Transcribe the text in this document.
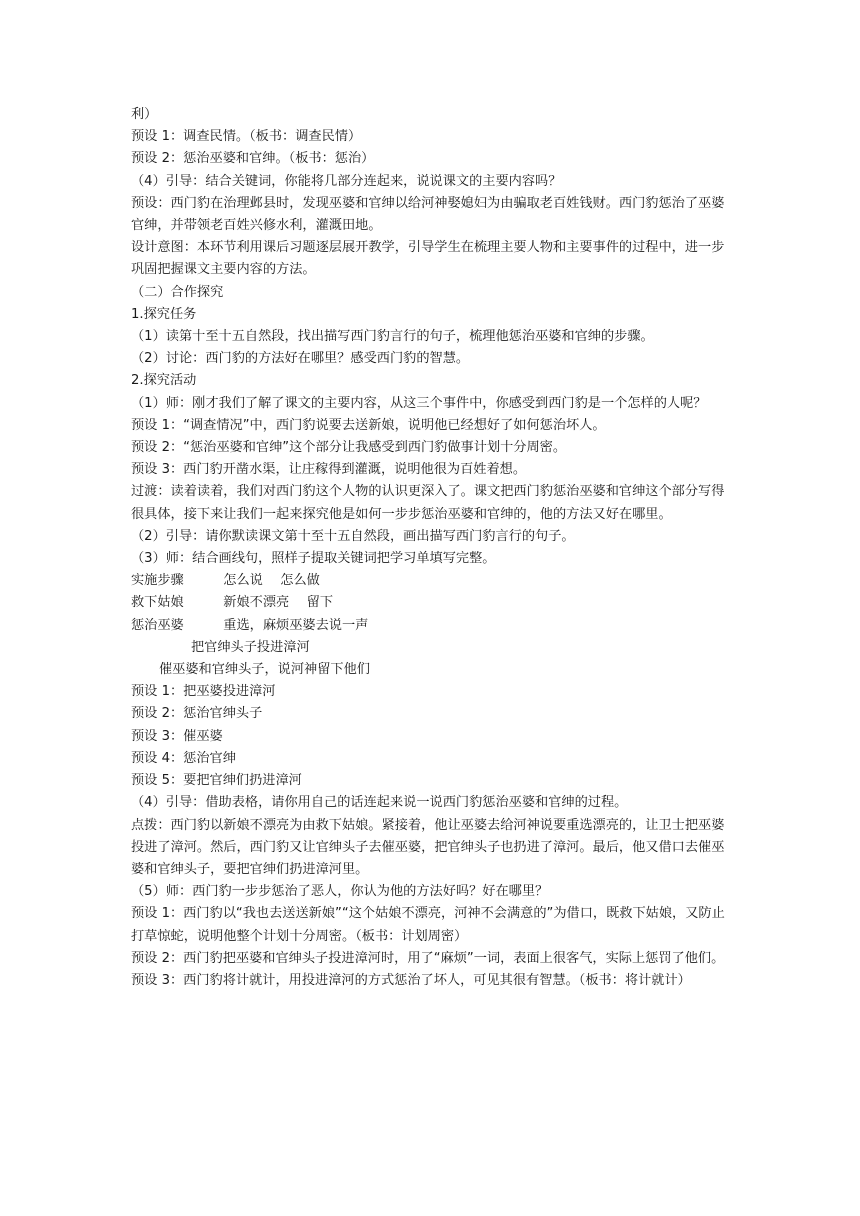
利）

预设 1：调查民情。（板书：调查民情）

预设 2：惩治巫婆和官绅。（板书：惩治）

（4）引导：结合关键词，你能将几部分连起来，说说课文的主要内容吗？

预设：西门豹在治理邺县时，发现巫婆和官绅以给河神娶媳妇为由骗取老百姓钱财。西门豹惩治了巫婆官绅，并带领老百姓兴修水利，灌溉田地。

设计意图：本环节利用课后习题逐层展开教学，引导学生在梳理主要人物和主要事件的过程中，进一步巩固把握课文主要内容的方法。

（二）合作探究

1.探究任务

（1）读第十至十五自然段，找出描写西门豹言行的句子，梳理他惩治巫婆和官绅的步骤。

（2）讨论：西门豹的方法好在哪里？感受西门豹的智慧。

2.探究活动

（1）师：刚才我们了解了课文的主要内容，从这三个事件中，你感受到西门豹是一个怎样的人呢？

预设 1：“调查情况”中，西门豹说要去送新娘，说明他已经想好了如何惩治坏人。

预设 2：“惩治巫婆和官绅”这个部分让我感受到西门豹做事计划十分周密。

预设 3：西门豹开凿水渠，让庄稼得到灌溉，说明他很为百姓着想。

过渡：读着读着，我们对西门豹这个人物的认识更深入了。课文把西门豹惩治巫婆和官绅这个部分写得很具体，接下来让我们一起来探究他是如何一步步惩治巫婆和官绅的，他的方法又好在哪里。

（2）引导：请你默读课文第十至十五自然段，画出描写西门豹言行的句子。

（3）师：结合画线句，照样子提取关键词把学习单填写完整。

实施步骤　　　怎么说　 怎么做

救下姑娘　　　新娘不漂亮　 留下

惩治巫婆　　　重选，麻烦巫婆去说一声

把官绅头子投进漳河

催巫婆和官绅头子，说河神留下他们

预设 1：把巫婆投进漳河

预设 2：惩治官绅头子

预设 3：催巫婆

预设 4：惩治官绅

预设 5：要把官绅们扔进漳河

（4）引导：借助表格，请你用自己的话连起来说一说西门豹惩治巫婆和官绅的过程。

点拨：西门豹以新娘不漂亮为由救下姑娘。紧接着，他让巫婆去给河神说要重选漂亮的，让卫士把巫婆投进了漳河。然后，西门豹又让官绅头子去催巫婆，把官绅头子也扔进了漳河。最后，他又借口去催巫婆和官绅头子，要把官绅们扔进漳河里。

（5）师：西门豹一步步惩治了恶人，你认为他的方法好吗？好在哪里？

预设 1：西门豹以“我也去送送新娘”“这个姑娘不漂亮，河神不会满意的”为借口，既救下姑娘，又防止打草惊蛇，说明他整个计划十分周密。（板书：计划周密）

预设 2：西门豹把巫婆和官绅头子投进漳河时，用了“麻烦”一词，表面上很客气，实际上惩罚了他们。

预设 3：西门豹将计就计，用投进漳河的方式惩治了坏人，可见其很有智慧。（板书：将计就计）
